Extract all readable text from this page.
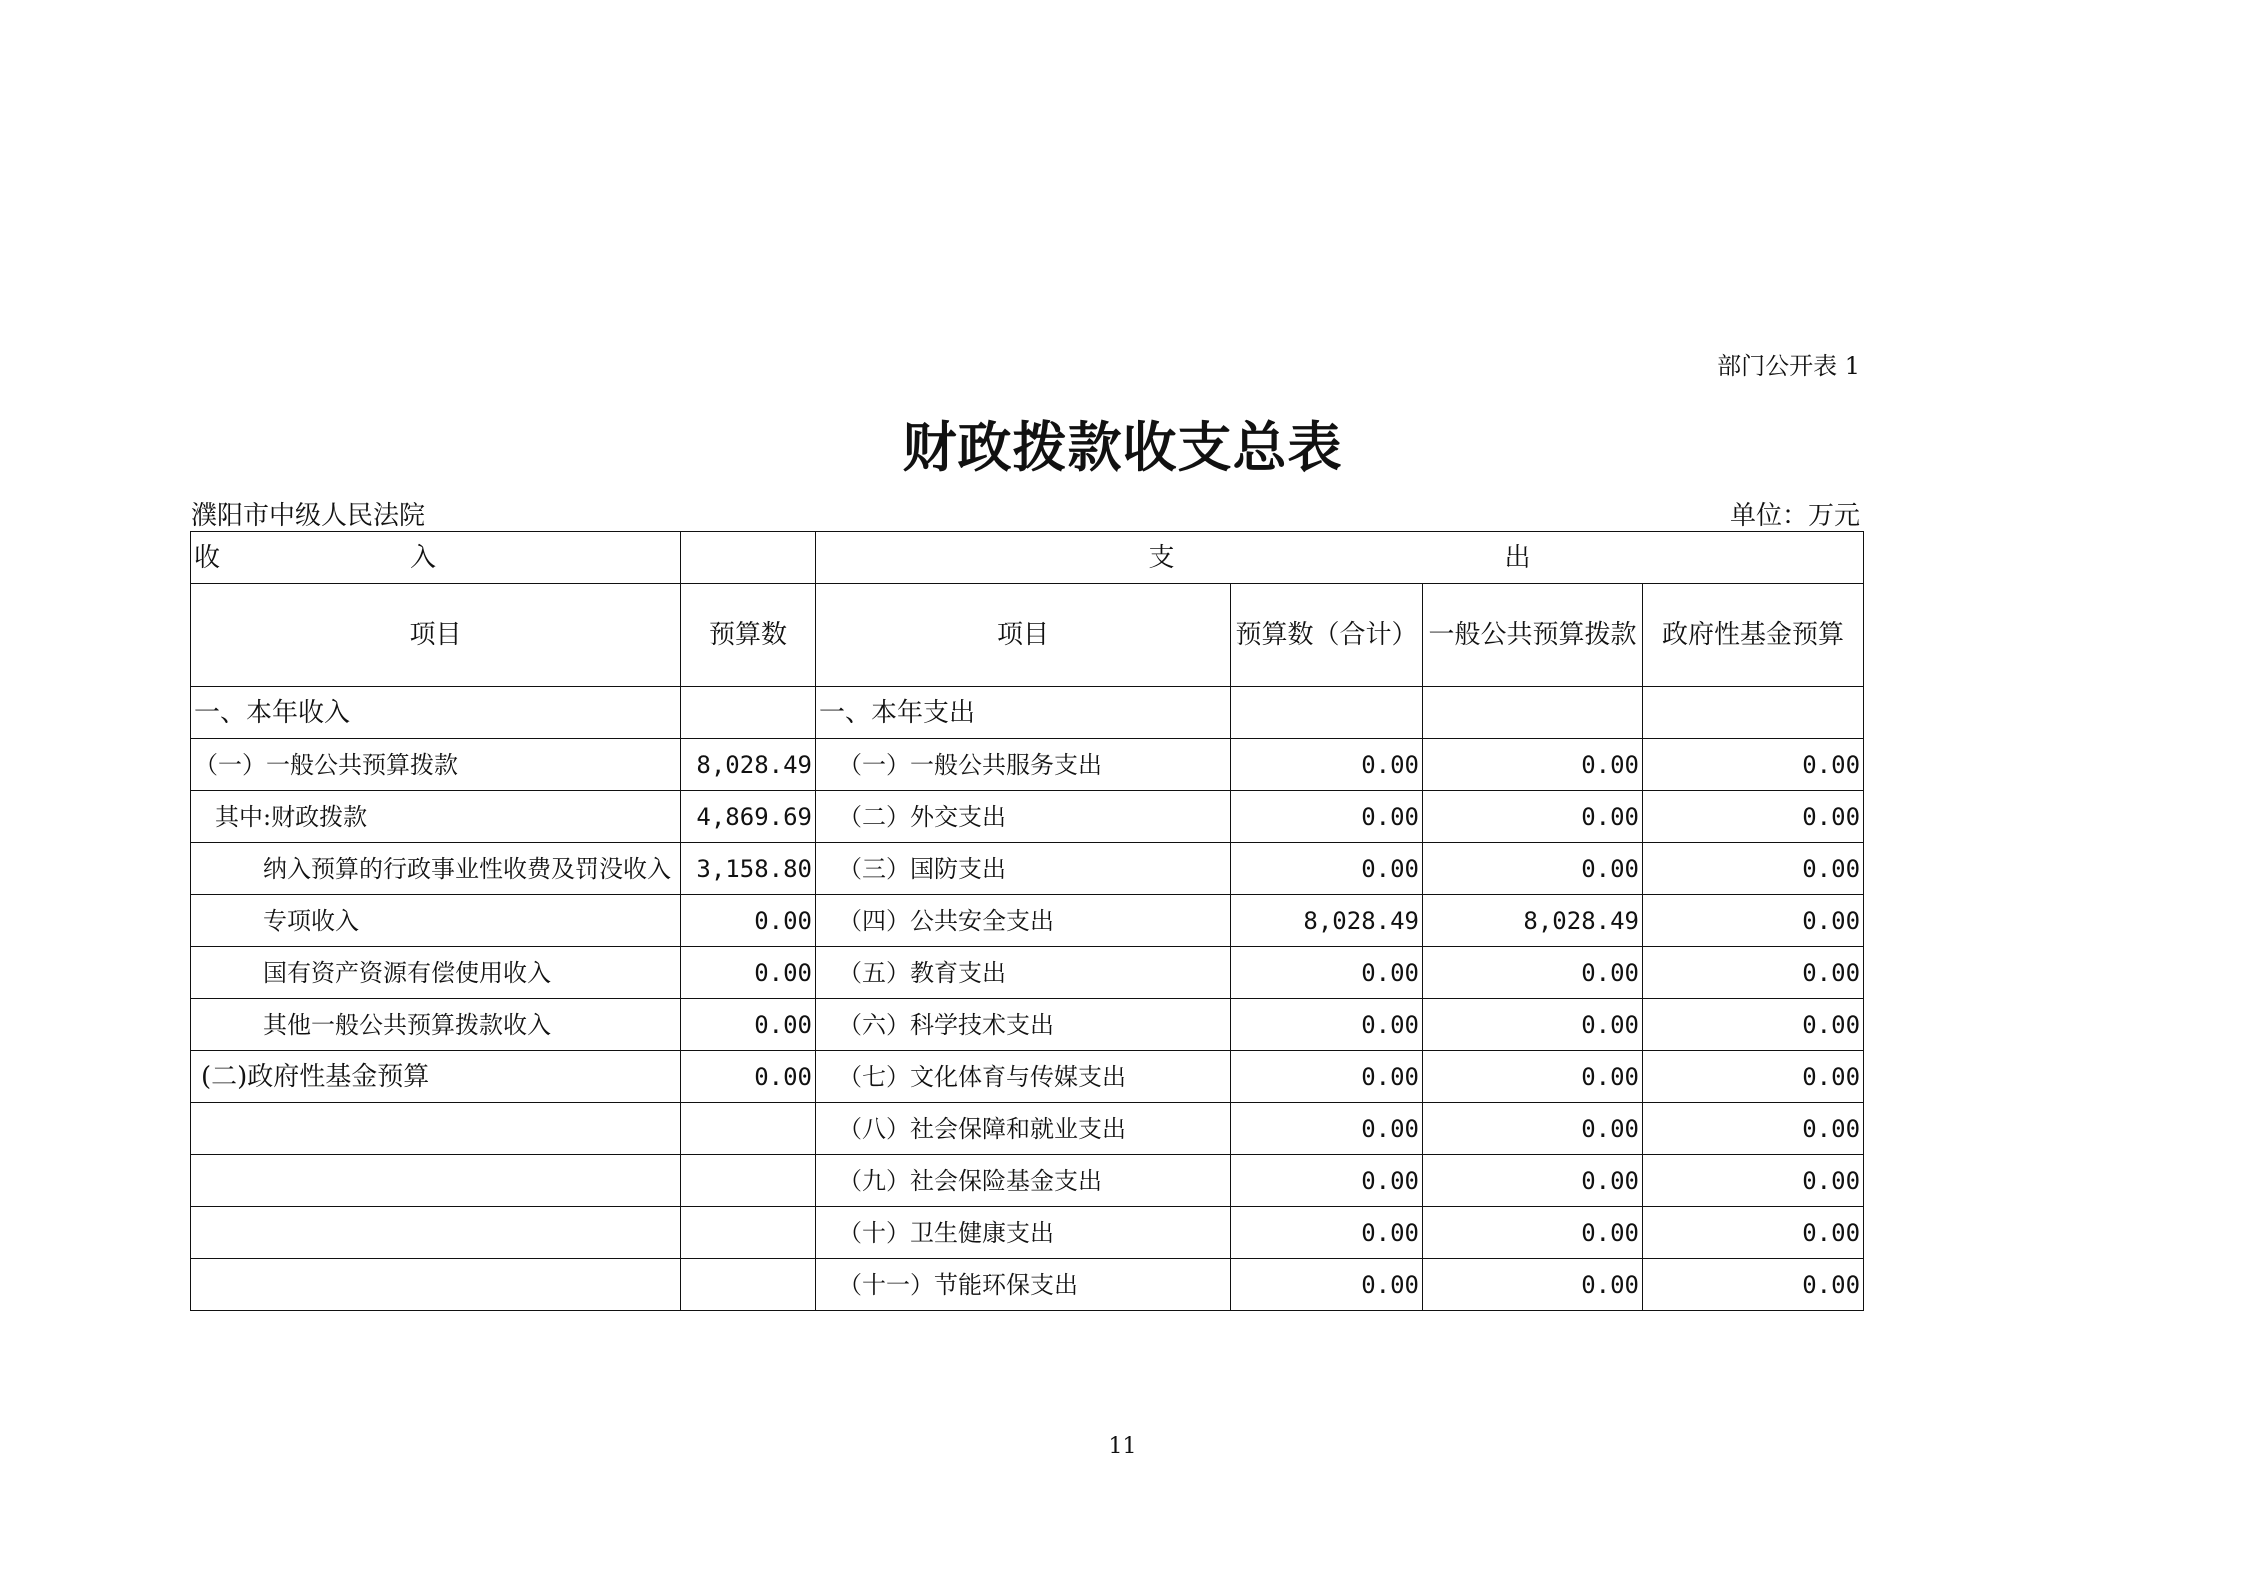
部门公开表 1
财政拨款收支总表
濮阳市中级人民法院	单位：万元
收 入		支 出			
项目	预算数	项目	预算数（合计）	一般公共预算拨款	政府性基金预算
一、本年收入		一、本年支出			
（一）一般公共预算拨款	8,028.49	（一）一般公共服务支出	0.00	0.00	0.00
其中:财政拨款	4,869.69	（二）外交支出	0.00	0.00	0.00
纳入预算的行政事业性收费及罚没收入	3,158.80	（三）国防支出	0.00	0.00	0.00
专项收入	0.00	（四）公共安全支出	8,028.49	8,028.49	0.00
国有资产资源有偿使用收入	0.00	（五）教育支出	0.00	0.00	0.00
其他一般公共预算拨款收入	0.00	（六）科学技术支出	0.00	0.00	0.00
(二)政府性基金预算	0.00	（七）文化体育与传媒支出	0.00	0.00	0.00
		（八）社会保障和就业支出	0.00	0.00	0.00
		（九）社会保险基金支出	0.00	0.00	0.00
		（十）卫生健康支出	0.00	0.00	0.00
		（十一）节能环保支出	0.00	0.00	0.00
11
